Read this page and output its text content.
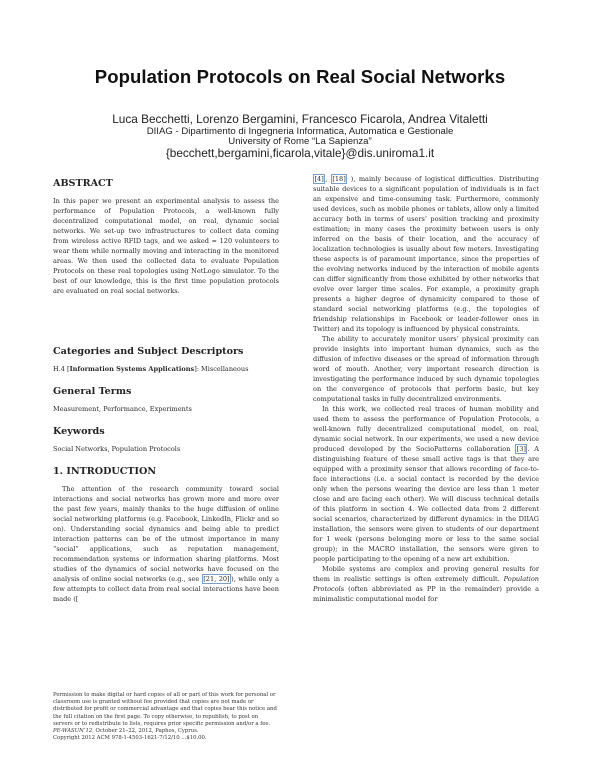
Population Protocols on Real Social Networks
Luca Becchetti, Lorenzo Bergamini, Francesco Ficarola, Andrea Vitaletti
DIIAG - Dipartimento di Ingegneria Informatica, Automatica e Gestionale
University of Rome “La Sapienza”
{becchett,bergamini,ficarola,vitale}@dis.uniroma1.it
ABSTRACT

In this paper we present an experimental analysis to assess the performance of Population Protocols, a well-known fully decentralized computational model, on real, dynamic social networks. We set-up two infrastructures to collect data coming from wireless active RFID tags, and we asked ≈ 120 volunteers to wear them while normally moving and interacting in the monitored areas. We then used the collected data to evaluate Population Protocols on these real topologies using NetLogo simulator. To the best of our knowledge, this is the first time population protocols are evaluated on real social networks.

Categories and Subject Descriptors

H.4 [Information Systems Applications]: Miscellaneous

General Terms

Measurement, Performance, Experiments

Keywords

Social Networks, Population Protocols

1. INTRODUCTION

The attention of the research community toward social interactions and social networks has grown more and more over the past few years, mainly thanks to the huge diffusion of online social networking platforms (e.g. Facebook, LinkedIn, Flickr and so on). Understanding social dynamics and being able to predict interaction patterns can be of the utmost importance in many “social” applications, such as reputation management, recommendation systems or information sharing platforms. Most studies of the dynamics of social networks have focused on the analysis of online social networks (e.g., see [21, 20] ), while only a few attempts to collect data from real social interactions have been made ([

Permission to make digital or hard copies of all or part of this work for personal or classroom use is granted without fee provided that copies are not made or distributed for profit or commercial advantage and that copies bear this notice and the full citation on the first page. To copy otherwise, to republish, to post on servers or to redistribute to lists, requires prior specific permission and/or a fee.
PE-WASUN’12, October 21–22, 2012, Paphos, Cyprus.
Copyright 2012 ACM 978-1-4503-1621-7/12/10 ...$10.00.

[4] , [18] ), mainly because of logistical difficulties. Distributing suitable devices to a significant population of individuals is in fact an expensive and time-consuming task. Furthermore, commonly used devices, such as mobile phones or tablets, allow only a limited accuracy both in terms of users’ position tracking and proximity estimation; in many cases the proximity between users is only inferred on the basis of their location, and the accuracy of localization technologies is usually about few meters. Investigating these aspects is of paramount importance, since the properties of the evolving networks induced by the interaction of mobile agents can differ significantly from those exhibited by other networks that evolve over larger time scales. For example, a proximity graph presents a higher degree of dynamicity compared to those of standard social networking platforms (e.g., the topologies of friendship relationships in Facebook or leader-follower ones in Twitter) and its topology is influenced by physical constraints.

The ability to accurately monitor users’ physical proximity can provide insights into important human dynamics, such as the diffusion of infective diseases or the spread of information through word of mouth. Another, very important research direction is investigating the performance induced by such dynamic topologies on the convergence of protocols that perform basic, but key computational tasks in fully decentralized environments.

In this work, we collected real traces of human mobility and used them to assess the performance of Population Protocols, a well-known fully decentralized computational model, on real, dynamic social network. In our experiments, we used a new device produced developed by the SocioPatterns collaboration [3] . A distinguishing feature of these small active tags is that they are equipped with a proximity sensor that allows recording of face-to-face interactions (i.e. a social contact is recorded by the device only when the persons wearing the device are less than 1 meter close and are facing each other). We will discuss technical details of this platform in section 4. We collected data from 2 different social scenarios, characterized by different dynamics: in the DIIAG installation, the sensors were given to students of our department for 1 week (persons belonging more or less to the same social group); in the MACRO installation, the sensors were given to people participating to the opening of a new art exhibition.

Mobile systems are complex and proving general results for them in realistic settings is often extremely difficult. Population Protocols (often abbreviated as PP in the remainder) provide a minimalistic computational model for
